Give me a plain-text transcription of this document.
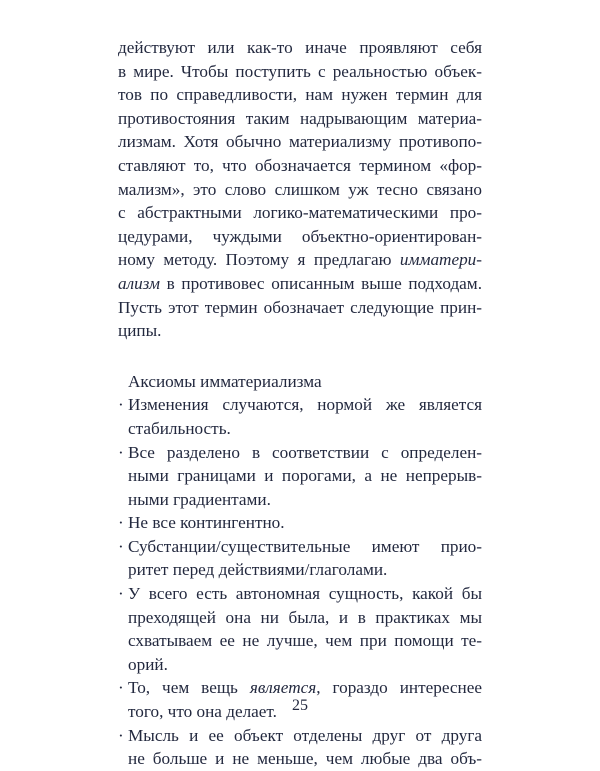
действуют или как-то иначе проявляют себя
в мире. Чтобы поступить с реальностью объек-
тов по справедливости, нам нужен термин для
противостояния таким надрывающим материа-
лизмам. Хотя обычно материализму противопо-
ставляют то, что обозначается термином «фор-
мализм», это слово слишком уж тесно связано
с абстрактными логико-математическими про-
цедурами, чуждыми объектно-ориентирован-
ному методу. Поэтому я предлагаю имматери-
ализм в противовес описанным выше подходам.
Пусть этот термин обозначает следующие прин-
ципы.

Аксиомы имматериализма

· Изменения случаются, нормой же является
стабильность.
· Все разделено в соответствии с определен-
ными границами и порогами, а не непрерыв-
ными градиентами.
· Не все контингентно.
· Субстанции/существительные имеют прио-
ритет перед действиями/глаголами.
· У всего есть автономная сущность, какой бы
преходящей она ни была, и в практиках мы
схватываем ее не лучше, чем при помощи те-
орий.
· То, чем вещь является, гораздо интереснее
того, что она делает.
· Мысль и ее объект отделены друг от друга
не больше и не меньше, чем любые два объ-
25
